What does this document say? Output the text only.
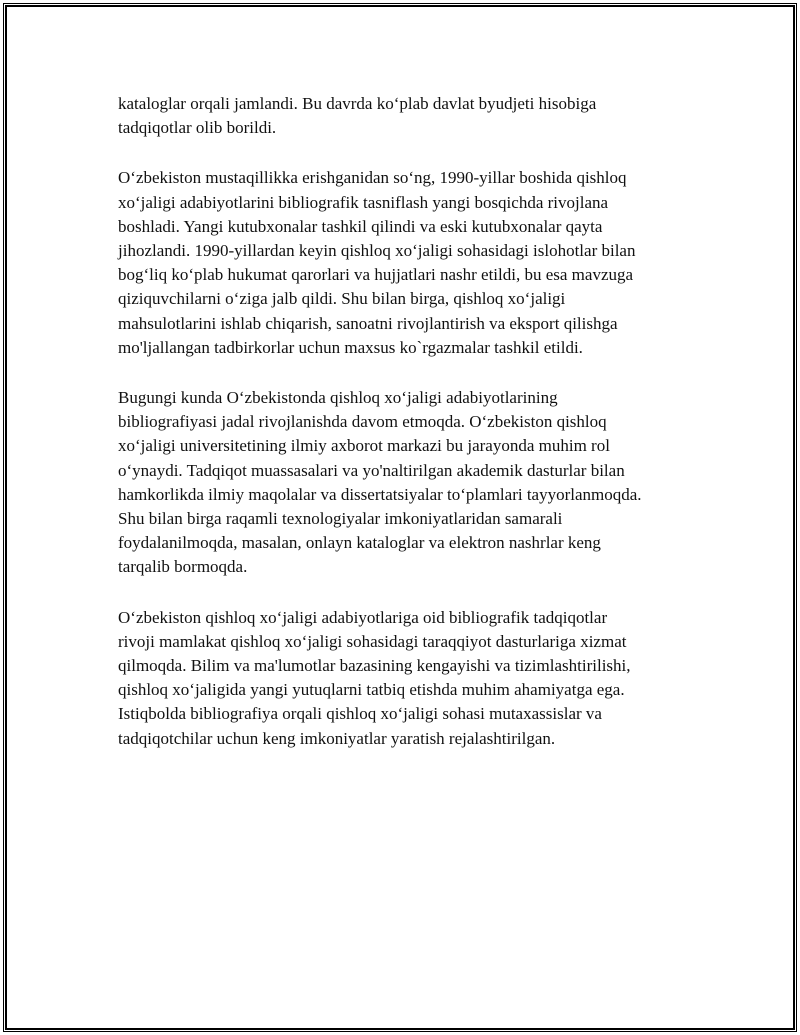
kataloglar orqali jamlandi. Bu davrda ko‘plab davlat byudjeti hisobiga
tadqiqotlar olib borildi.

O‘zbekiston mustaqillikka erishganidan so‘ng, 1990-yillar boshida qishloq
xo‘jaligi adabiyotlarini bibliografik tasniflash yangi bosqichda rivojlana
boshladi. Yangi kutubxonalar tashkil qilindi va eski kutubxonalar qayta
jihozlandi. 1990-yillardan keyin qishloq xo‘jaligi sohasidagi islohotlar bilan
bog‘liq ko‘plab hukumat qarorlari va hujjatlari nashr etildi, bu esa mavzuga
qiziquvchilarni o‘ziga jalb qildi. Shu bilan birga, qishloq xo‘jaligi
mahsulotlarini ishlab chiqarish, sanoatni rivojlantirish va eksport qilishga
mo'ljallangan tadbirkorlar uchun maxsus ko`rgazmalar tashkil etildi.

Bugungi kunda O‘zbekistonda qishloq xo‘jaligi adabiyotlarining
bibliografiyasi jadal rivojlanishda davom etmoqda. O‘zbekiston qishloq
xo‘jaligi universitetining ilmiy axborot markazi bu jarayonda muhim rol
o‘ynaydi. Tadqiqot muassasalari va yo'naltirilgan akademik dasturlar bilan
hamkorlikda ilmiy maqolalar va dissertatsiyalar to‘plamlari tayyorlanmoqda.
Shu bilan birga raqamli texnologiyalar imkoniyatlaridan samarali
foydalanilmoqda, masalan, onlayn kataloglar va elektron nashrlar keng
tarqalib bormoqda.

O‘zbekiston qishloq xo‘jaligi adabiyotlariga oid bibliografik tadqiqotlar
rivoji mamlakat qishloq xo‘jaligi sohasidagi taraqqiyot dasturlariga xizmat
qilmoqda. Bilim va ma'lumotlar bazasining kengayishi va tizimlashtirilishi,
qishloq xo‘jaligida yangi yutuqlarni tatbiq etishda muhim ahamiyatga ega.
Istiqbolda bibliografiya orqali qishloq xo‘jaligi sohasi mutaxassislar va
tadqiqotchilar uchun keng imkoniyatlar yaratish rejalashtirilgan.
